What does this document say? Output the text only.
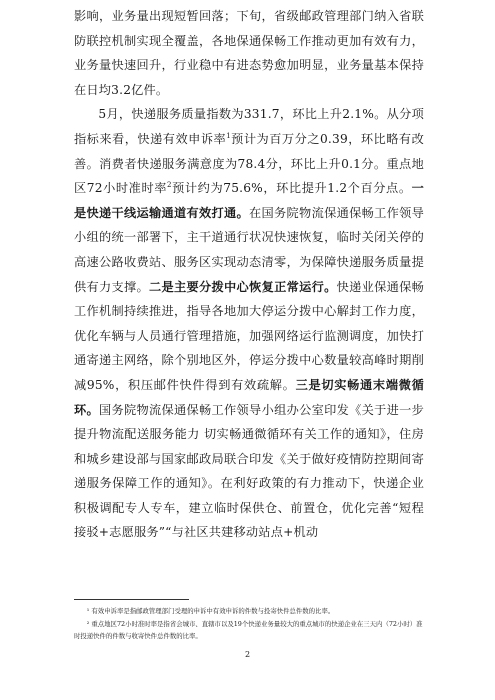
影响，业务量出现短暂回落；下旬，省级邮政管理部门纳入省联防联控机制实现全覆盖，各地保通保畅工作推动更加有效有力，业务量快速回升，行业稳中有进态势愈加明显，业务量基本保持在日均3.2亿件。

5月，快递服务质量指数为331.7，环比上升2.1%。从分项指标来看，快递有效申诉率$^1$预计为百万分之0.39，环比略有改善。消费者快递服务满意度为78.4分，环比上升0.1分。重点地区72小时准时率$^2$预计约为75.6%，环比提升1.2个百分点。一是快递干线运输通道有效打通。在国务院物流保通保畅工作领导小组的统一部署下，主干道通行状况快速恢复，临时关闭关停的高速公路收费站、服务区实现动态清零，为保障快递服务质量提供有力支撑。二是主要分拨中心恢复正常运行。快递业保通保畅工作机制持续推进，指导各地加大停运分拨中心解封工作力度，优化车辆与人员通行管理措施，加强网络运行监测调度，加快打通寄递主网络，除个别地区外，停运分拨中心数量较高峰时期削减95%，积压邮件快件得到有效疏解。三是切实畅通末端微循环。国务院物流保通保畅工作领导小组办公室印发《关于进一步提升物流配送服务能力 切实畅通微循环有关工作的通知》，住房和城乡建设部与国家邮政局联合印发《关于做好疫情防控期间寄递服务保障工作的通知》。在利好政策的有力推动下，快递企业积极调配专人专车，建立临时保供仓、前置仓，优化完善“短程接驳+志愿服务”“与社区共建移动站点+机动

¹ 有效申诉率是指邮政管理部门受理的申诉中有效申诉的件数与投寄快件总件数的比率。

² 重点地区72小时准时率是指省会城市、直辖市以及19个快递业务量较大的重点城市的快递企业在三天内（72小时）准时投递快件的件数与收寄快件总件数的比率。

2
